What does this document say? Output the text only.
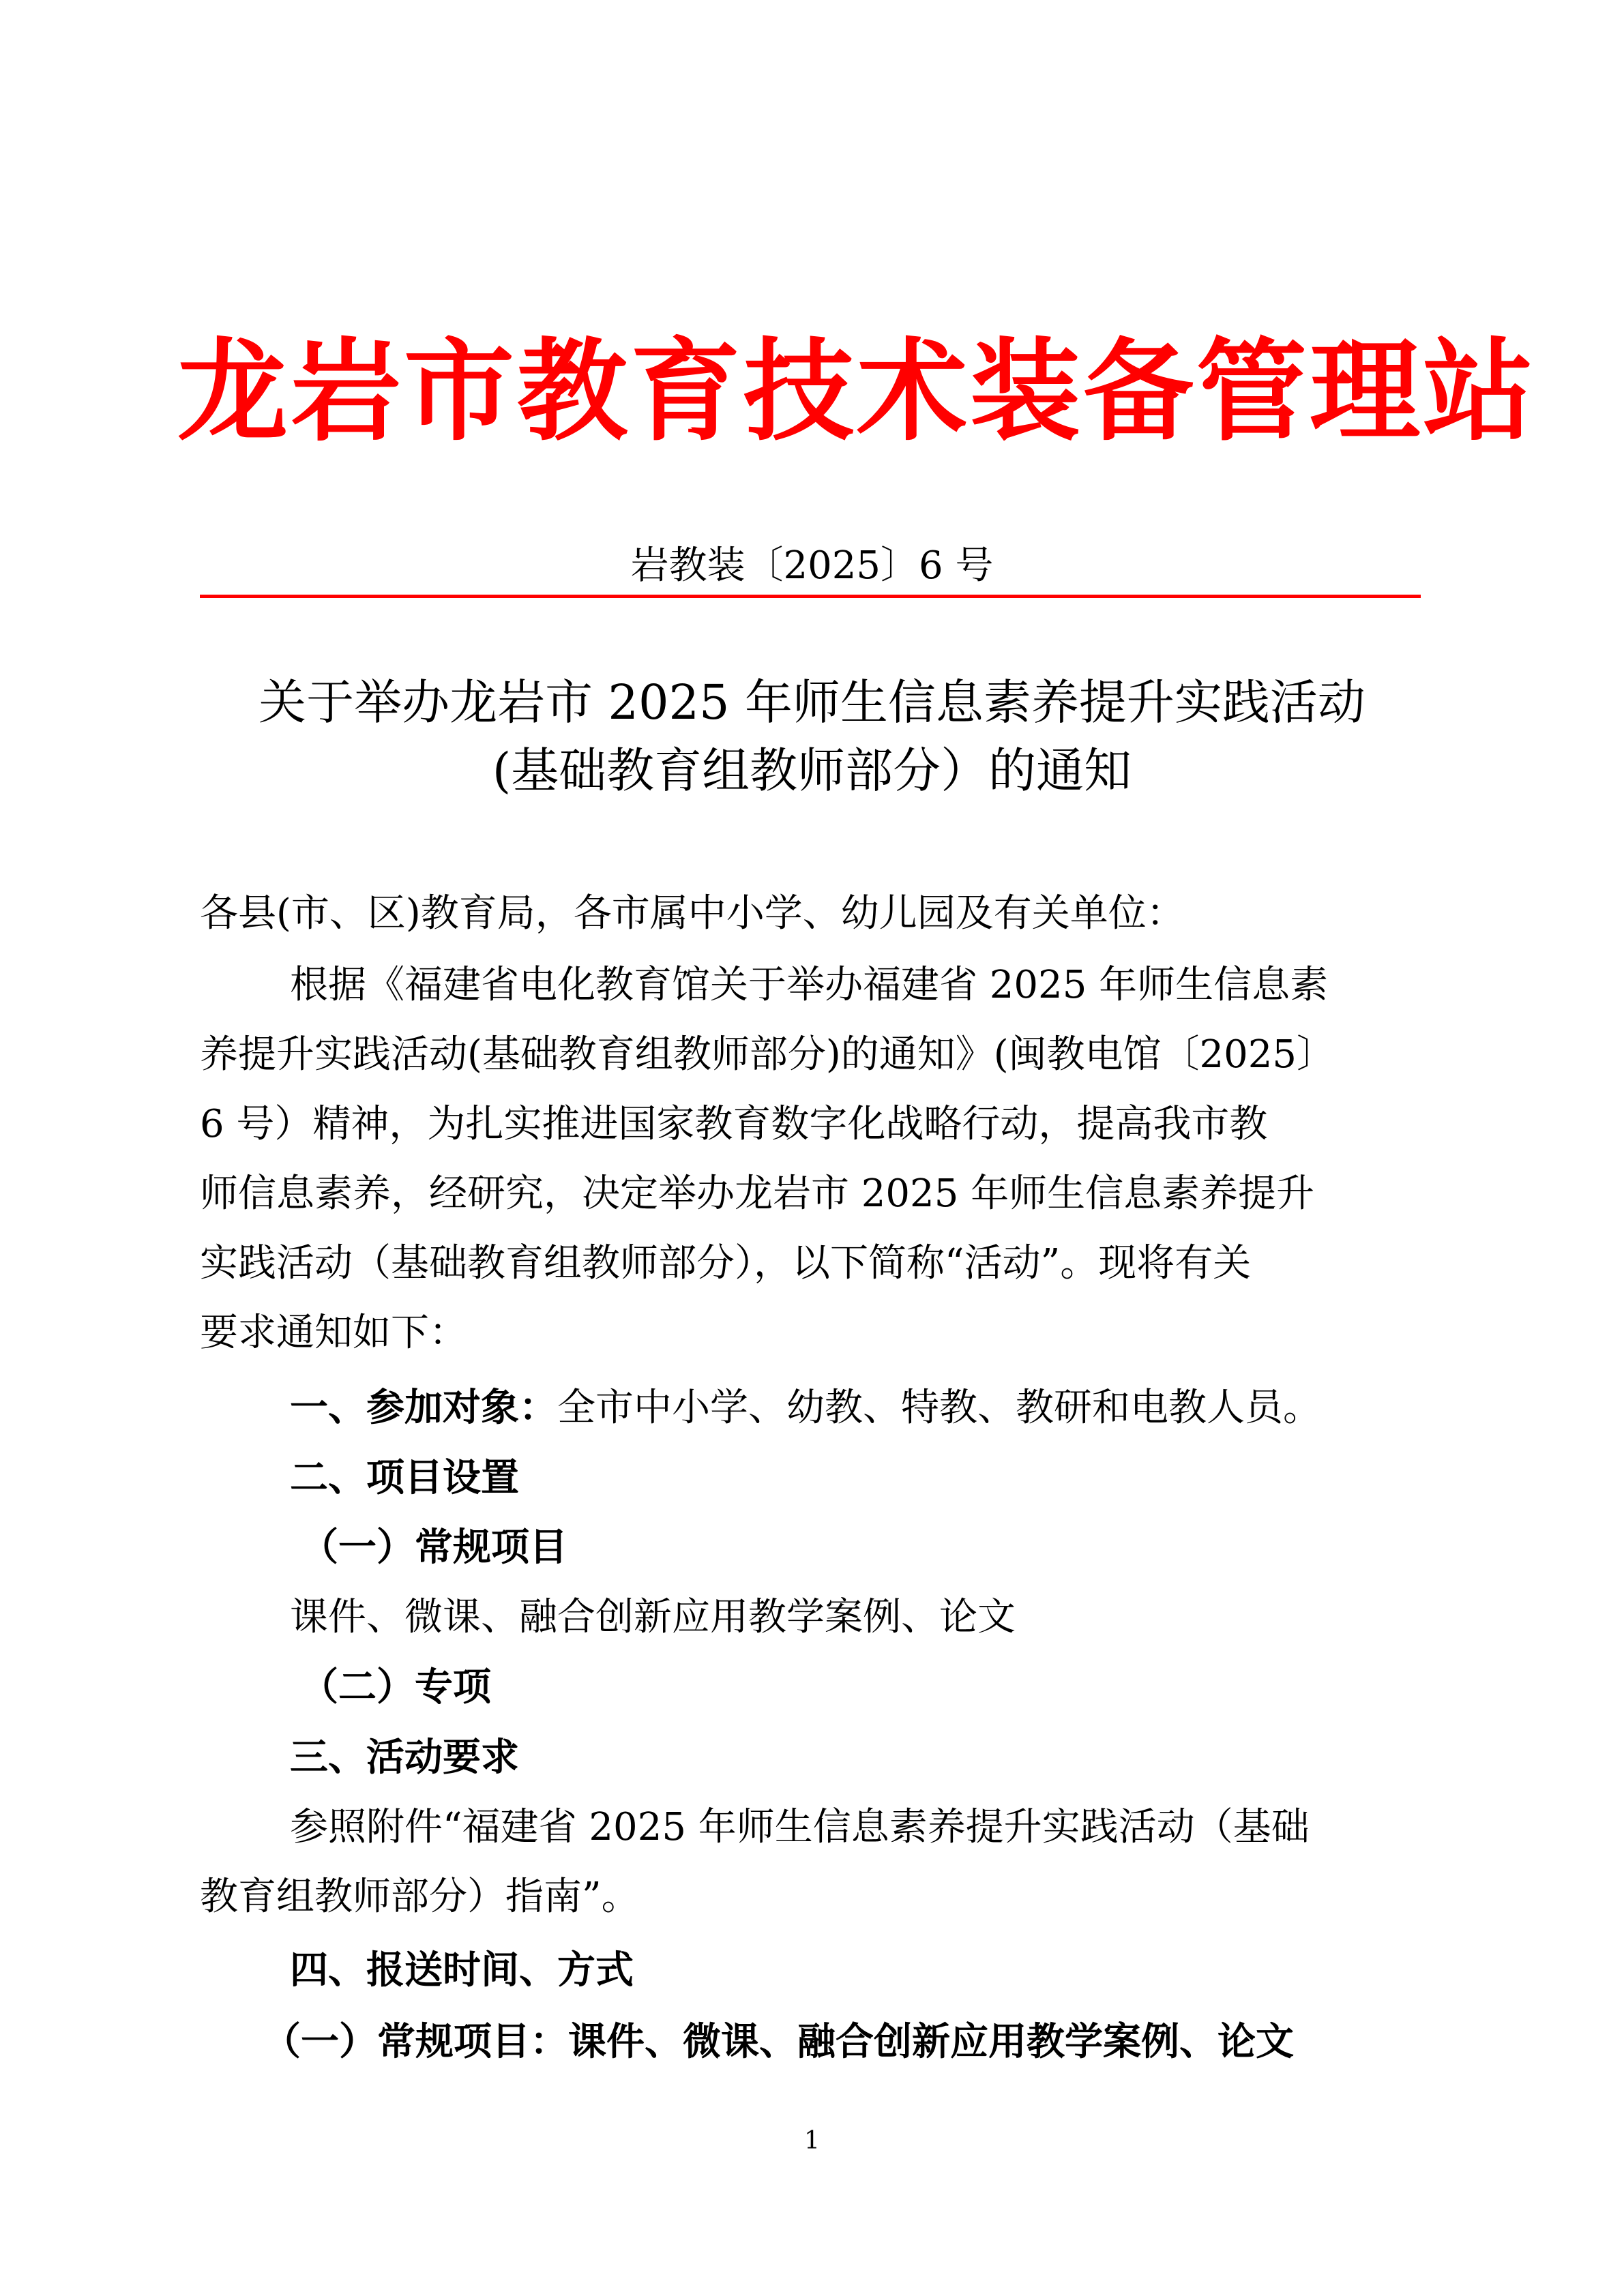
龙岩市教育技术装备管理站
岩教装〔2025〕6 号
关于举办龙岩市 2025 年师生信息素养提升实践活动
(基础教育组教师部分）的通知
各县(市、区)教育局，各市属中小学、幼儿园及有关单位：
根据《福建省电化教育馆关于举办福建省 2025 年师生信息素
养提升实践活动(基础教育组教师部分)的通知》(闽教电馆〔2025〕
6 号）精神，为扎实推进国家教育数字化战略行动，提高我市教
师信息素养，经研究，决定举办龙岩市 2025 年师生信息素养提升
实践活动（基础教育组教师部分），以下简称“活动”。现将有关
要求通知如下：
一、参加对象：全市中小学、幼教、特教、教研和电教人员。
二、项目设置
（一）常规项目
课件、微课、融合创新应用教学案例、论文
（二）专项
三、活动要求
参照附件“福建省 2025 年师生信息素养提升实践活动（基础
教育组教师部分）指南”。
四、报送时间、方式
（一）常规项目：课件、微课、融合创新应用教学案例、论文
1
